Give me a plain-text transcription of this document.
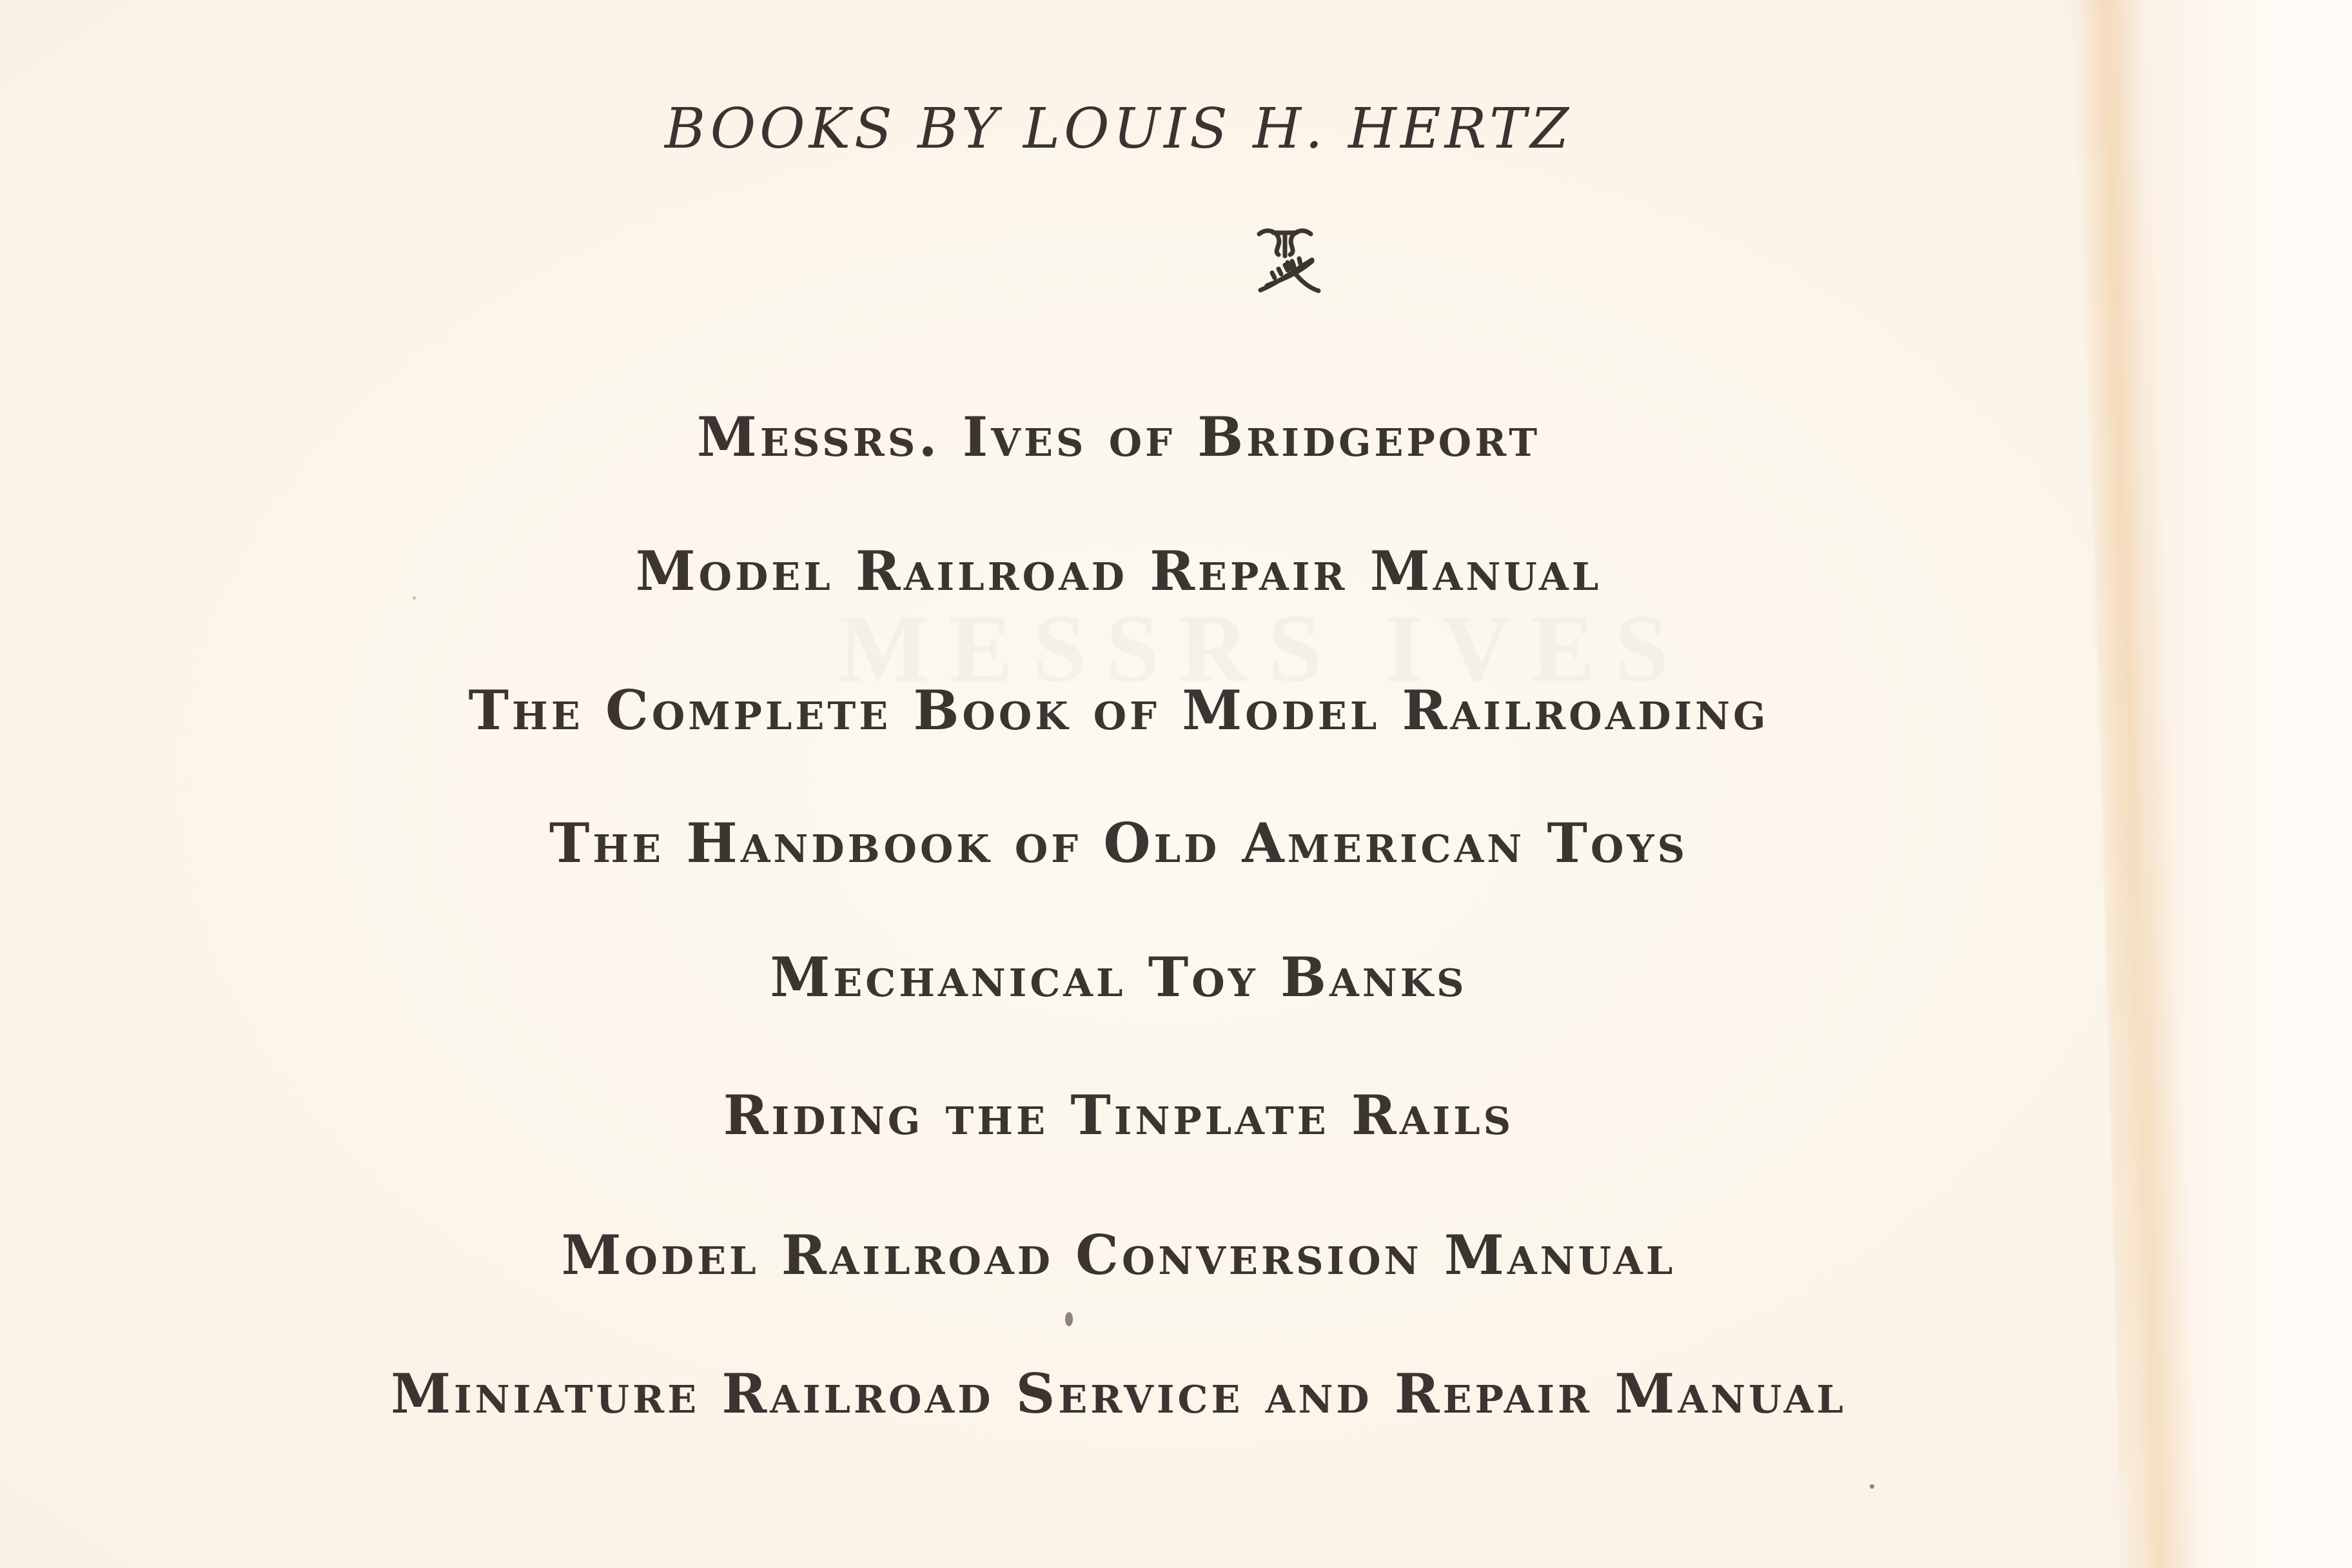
MESSRS IVES
BOOKS BY LOUIS H. HERTZ
Messrs. Ives of Bridgeport
Model Railroad Repair Manual
The Complete Book of Model Railroading
The Handbook of Old American Toys
Mechanical Toy Banks
Riding the Tinplate Rails
Model Railroad Conversion Manual
Miniature Railroad Service and Repair Manual
